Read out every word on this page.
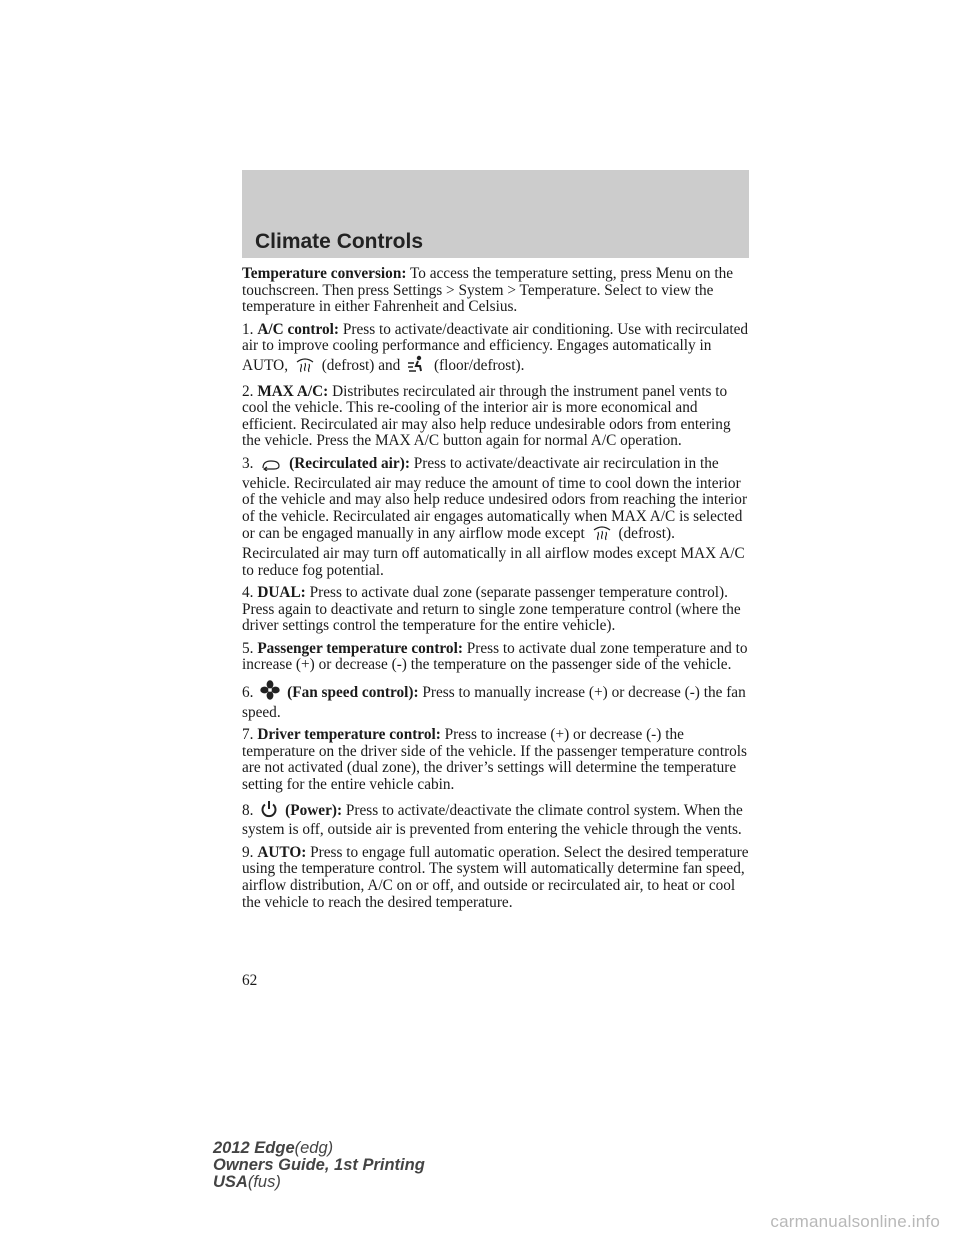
Climate Controls

Temperature conversion: To access the temperature setting, press Menu on the touchscreen. Then press Settings > System > Temperature. Select to view the temperature in either Fahrenheit and Celsius.

1. A/C control: Press to activate/deactivate air conditioning. Use with recirculated air to improve cooling performance and efficiency. Engages automatically in AUTO, (defrost) and (floor/defrost).

2. MAX A/C: Distributes recirculated air through the instrument panel vents to cool the vehicle. This re-cooling of the interior air is more economical and efficient. Recirculated air may also help reduce undesirable odors from entering the vehicle. Press the MAX A/C button again for normal A/C operation.

3. (Recirculated air): Press to activate/deactivate air recirculation in the vehicle. Recirculated air may reduce the amount of time to cool down the interior of the vehicle and may also help reduce undesired odors from reaching the interior of the vehicle. Recirculated air engages automatically when MAX A/C is selected or can be engaged manually in any airflow mode except (defrost). Recirculated air may turn off automatically in all airflow modes except MAX A/C to reduce fog potential.

4. DUAL: Press to activate dual zone (separate passenger temperature control). Press again to deactivate and return to single zone temperature control (where the driver settings control the temperature for the entire vehicle).

5. Passenger temperature control: Press to activate dual zone temperature and to increase (+) or decrease (-) the temperature on the passenger side of the vehicle.

6. (Fan speed control): Press to manually increase (+) or decrease (-) the fan speed.

7. Driver temperature control: Press to increase (+) or decrease (-) the temperature on the driver side of the vehicle. If the passenger temperature controls are not activated (dual zone), the driver’s settings will determine the temperature setting for the entire vehicle cabin.

8. (Power): Press to activate/deactivate the climate control system. When the system is off, outside air is prevented from entering the vehicle through the vents.

9. AUTO: Press to engage full automatic operation. Select the desired temperature using the temperature control. The system will automatically determine fan speed, airflow distribution, A/C on or off, and outside or recirculated air, to heat or cool the vehicle to reach the desired temperature.

62
2012 Edge(edg)
Owners Guide, 1st Printing
USA(fus)
carmanualsonline.info
